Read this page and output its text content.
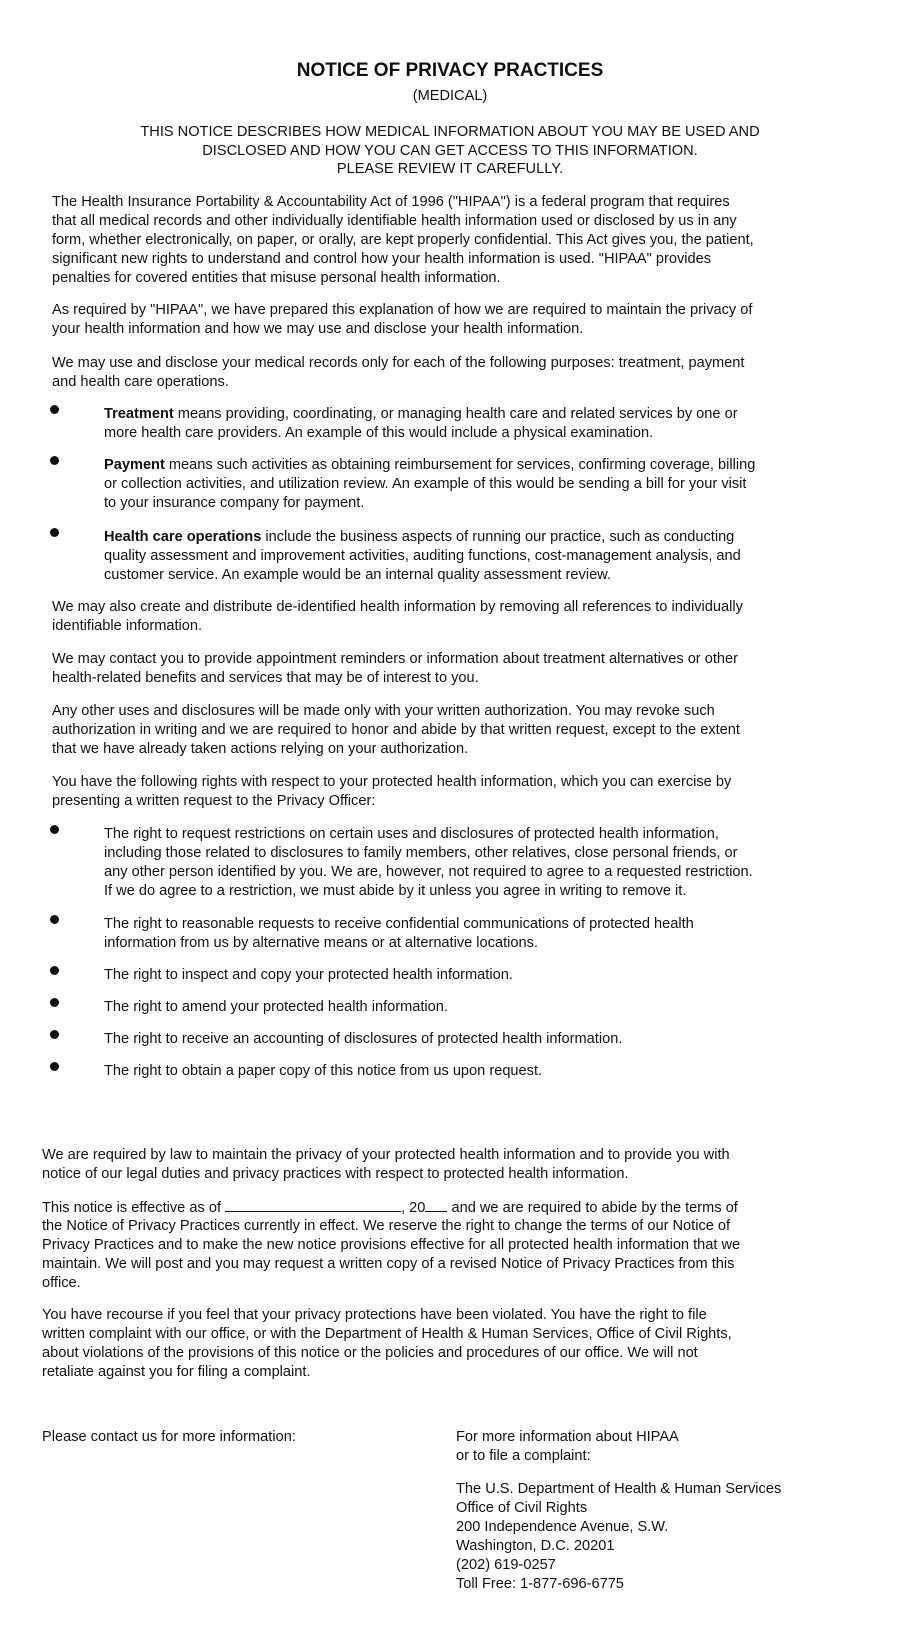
NOTICE OF PRIVACY PRACTICES

(MEDICAL)

THIS NOTICE DESCRIBES HOW MEDICAL INFORMATION ABOUT YOU MAY BE USED AND
DISCLOSED AND HOW YOU CAN GET ACCESS TO THIS INFORMATION.
PLEASE REVIEW IT CAREFULLY.

The Health Insurance Portability & Accountability Act of 1996 ("HIPAA") is a federal program that requires
that all medical records and other individually identifiable health information used or disclosed by us in any
form, whether electronically, on paper, or orally, are kept properly confidential. This Act gives you, the patient,
significant new rights to understand and control how your health information is used. "HIPAA" provides
penalties for covered entities that misuse personal health information.

As required by "HIPAA", we have prepared this explanation of how we are required to maintain the privacy of
your health information and how we may use and disclose your health information.

We may use and disclose your medical records only for each of the following purposes: treatment, payment
and health care operations.

Treatment means providing, coordinating, or managing health care and related services by one or
more health care providers. An example of this would include a physical examination.

Payment means such activities as obtaining reimbursement for services, confirming coverage, billing
or collection activities, and utilization review. An example of this would be sending a bill for your visit
to your insurance company for payment.

Health care operations include the business aspects of running our practice, such as conducting
quality assessment and improvement activities, auditing functions, cost-management analysis, and
customer service. An example would be an internal quality assessment review.

We may also create and distribute de-identified health information by removing all references to individually
identifiable information.

We may contact you to provide appointment reminders or information about treatment alternatives or other
health-related benefits and services that may be of interest to you.

Any other uses and disclosures will be made only with your written authorization. You may revoke such
authorization in writing and we are required to honor and abide by that written request, except to the extent
that we have already taken actions relying on your authorization.

You have the following rights with respect to your protected health information, which you can exercise by
presenting a written request to the Privacy Officer:

The right to request restrictions on certain uses and disclosures of protected health information,
including those related to disclosures to family members, other relatives, close personal friends, or
any other person identified by you. We are, however, not required to agree to a requested restriction.
If we do agree to a restriction, we must abide by it unless you agree in writing to remove it.

The right to reasonable requests to receive confidential communications of protected health
information from us by alternative means or at alternative locations.

The right to inspect and copy your protected health information.

The right to amend your protected health information.

The right to receive an accounting of disclosures of protected health information.

The right to obtain a paper copy of this notice from us upon request.

We are required by law to maintain the privacy of your protected health information and to provide you with
notice of our legal duties and privacy practices with respect to protected health information.

This notice is effective as of	, 20 and we are required to abide by the terms of

the Notice of Privacy Practices currently in effect. We reserve the right to change the terms of our Notice of
Privacy Practices and to make the new notice provisions effective for all protected health information that we
maintain. We will post and you may request a written copy of a revised Notice of Privacy Practices from this
office.

You have recourse if you feel that your privacy protections have been violated. You have the right to file
written complaint with our office, or with the Department of Health & Human Services, Office of Civil Rights,
about violations of the provisions of this notice or the policies and procedures of our office. We will not
retaliate against you for filing a complaint.

Please contact us for more information:	For more information about HIPAA
or to file a complaint:

The U.S. Department of Health & Human Services
Office of Civil Rights
200 Independence Avenue, S.W.
Washington, D.C. 20201
(202) 619-0257
Toll Free: 1-877-696-6775
